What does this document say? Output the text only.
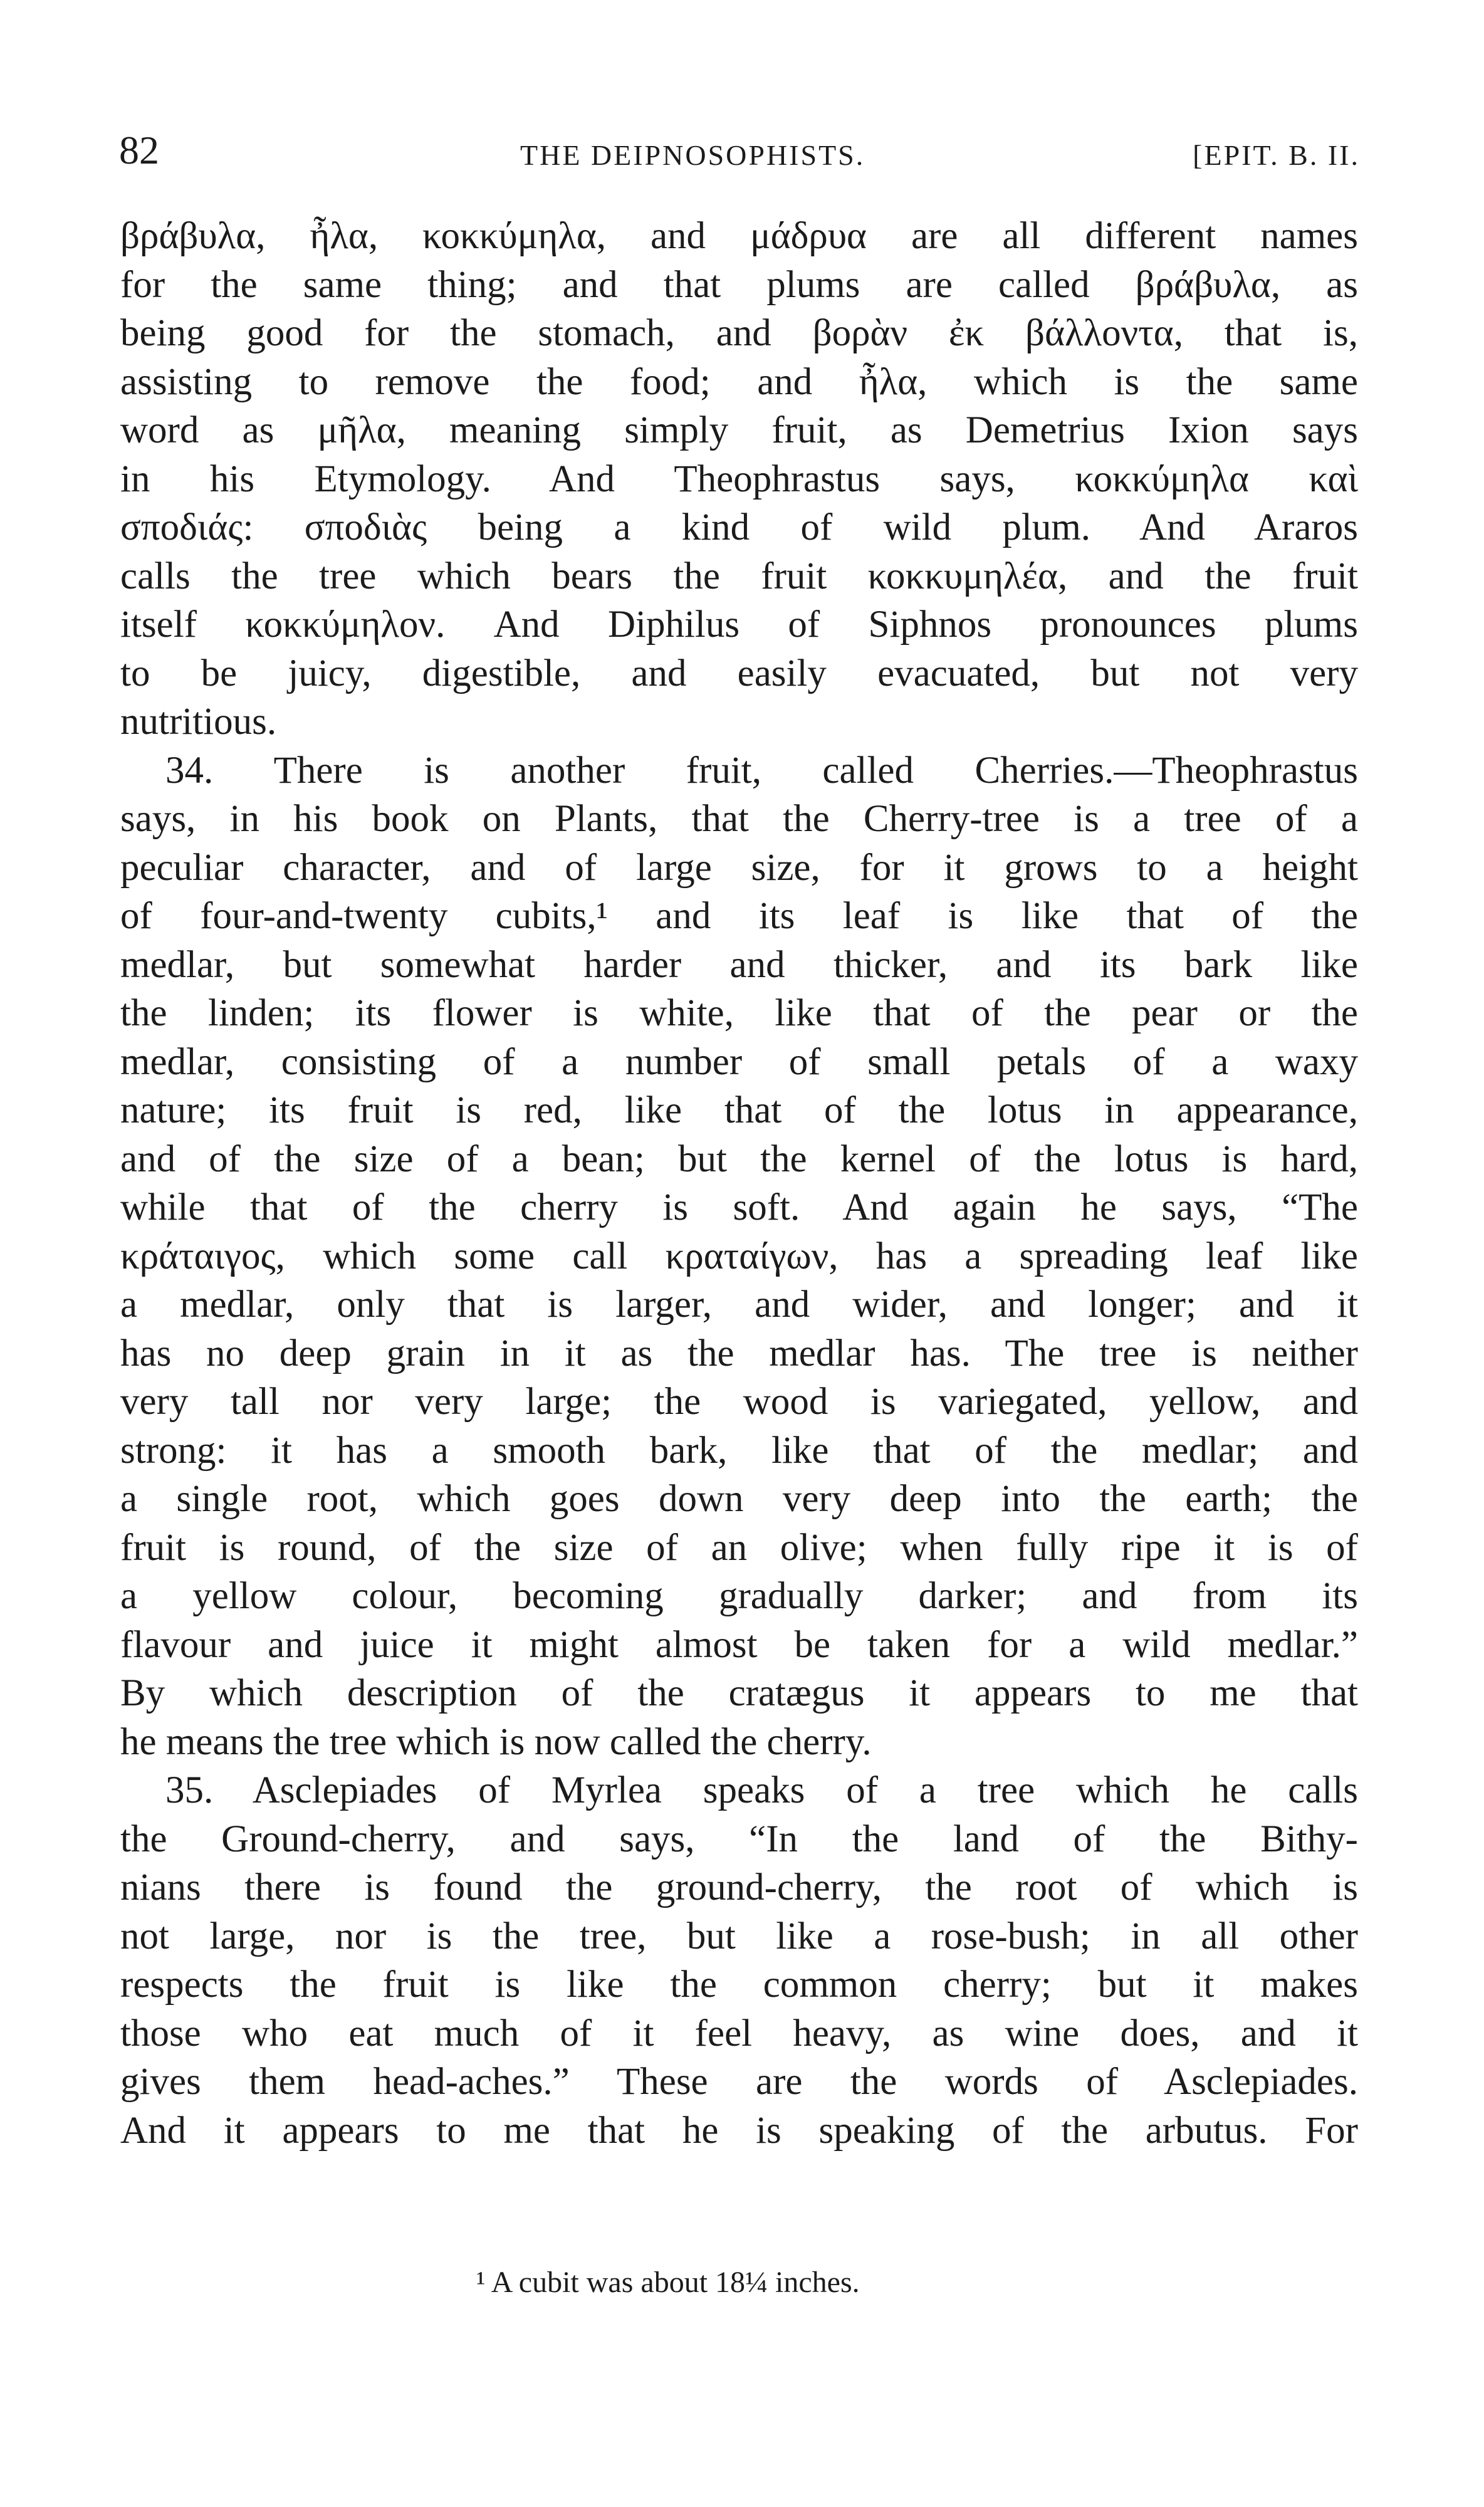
82	THE DEIPNOSOPHISTS.	[EPIT. B. II.
βράβυλα, ἦλα, κοκκύμηλα, and μάδρυα are all different names
for the same thing; and that plums are called βράβυλα, as
being good for the stomach, and βορὰν ἐκ βάλλοντα, that is,
assisting to remove the food; and ἦλα, which is the same
word as μῆλα, meaning simply fruit, as Demetrius Ixion says
in his Etymology. And Theophrastus says, κοκκύμηλα καὶ
σποδιάς: σποδιὰς being a kind of wild plum. And Araros
calls the tree which bears the fruit κοκκυμηλέα, and the fruit
itself κοκκύμηλον. And Diphilus of Siphnos pronounces plums
to be juicy, digestible, and easily evacuated, but not very
nutritious.
34. There is another fruit, called Cherries.—Theophrastus
says, in his book on Plants, that the Cherry-tree is a tree of a
peculiar character, and of large size, for it grows to a height
of four-and-twenty cubits,¹ and its leaf is like that of the
medlar, but somewhat harder and thicker, and its bark like
the linden; its flower is white, like that of the pear or the
medlar, consisting of a number of small petals of a waxy
nature; its fruit is red, like that of the lotus in appearance,
and of the size of a bean; but the kernel of the lotus is hard,
while that of the cherry is soft. And again he says, “The
κράταιγος, which some call κραταίγων, has a spreading leaf like
a medlar, only that is larger, and wider, and longer; and it
has no deep grain in it as the medlar has. The tree is neither
very tall nor very large; the wood is variegated, yellow, and
strong: it has a smooth bark, like that of the medlar; and
a single root, which goes down very deep into the earth; the
fruit is round, of the size of an olive; when fully ripe it is of
a yellow colour, becoming gradually darker; and from its
flavour and juice it might almost be taken for a wild medlar.”
By which description of the cratægus it appears to me that
he means the tree which is now called the cherry.
35. Asclepiades of Myrlea speaks of a tree which he calls
the Ground-cherry, and says, “In the land of the Bithy-
nians there is found the ground-cherry, the root of which is
not large, nor is the tree, but like a rose-bush; in all other
respects the fruit is like the common cherry; but it makes
those who eat much of it feel heavy, as wine does, and it
gives them head-aches.” These are the words of Asclepiades.
And it appears to me that he is speaking of the arbutus. For
¹ A cubit was about 18¼ inches.
